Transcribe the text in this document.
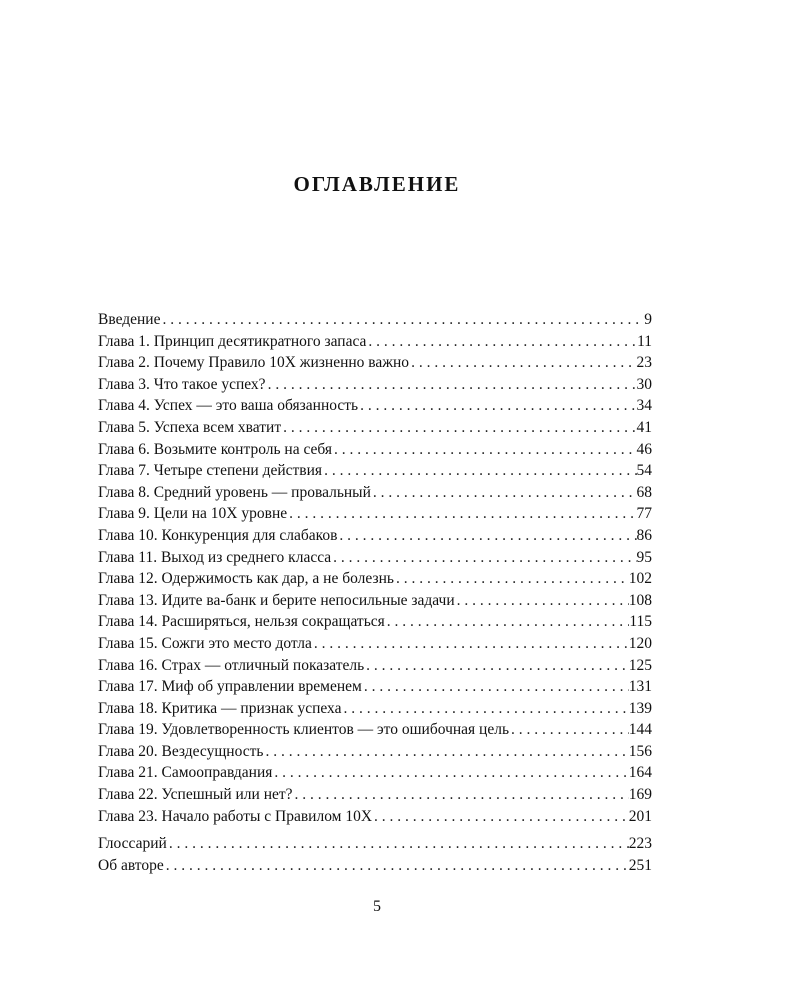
ОГЛАВЛЕНИЕ
Введение . . .	9
Глава 1. Принцип десятикратного запаса . . .	11
Глава 2. Почему Правило 10Х жизненно важно . . .	23
Глава 3. Что такое успех? . . .	30
Глава 4. Успех — это ваша обязанность . . .	34
Глава 5. Успеха всем хватит . . .	41
Глава 6. Возьмите контроль на себя . . .	46
Глава 7. Четыре степени действия . . .	54
Глава 8. Средний уровень — провальный . . .	68
Глава 9. Цели на 10Х уровне . . .	77
Глава 10. Конкуренция для слабаков . . .	86
Глава 11. Выход из среднего класса . . .	95
Глава 12. Одержимость как дар, а не болезнь . . .	102
Глава 13. Идите ва-банк и берите непосильные задачи . . .	108
Глава 14. Расширяться, нельзя сокращаться . . .	115
Глава 15. Сожги это место дотла . . .	120
Глава 16. Страх — отличный показатель . . .	125
Глава 17. Миф об управлении временем . . .	131
Глава 18. Критика — признак успеха . . .	139
Глава 19. Удовлетворенность клиентов — это ошибочная цель . . .	144
Глава 20. Вездесущность . . .	156
Глава 21. Самооправдания . . .	164
Глава 22. Успешный или нет? . . .	169
Глава 23. Начало работы с Правилом 10Х . . .	201
Глоссарий . . .	223
Об авторе . . .	251
5
